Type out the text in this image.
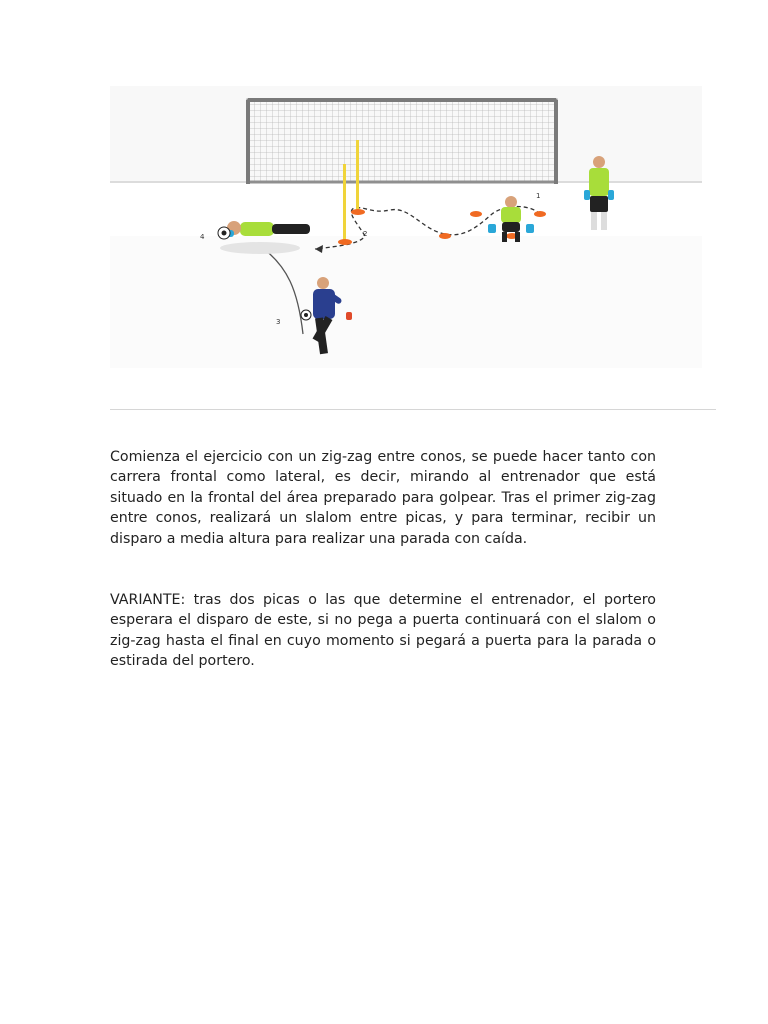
1
2
3
4

Comienza el ejercicio con un zig-zag entre conos, se puede hacer tanto con carrera frontal como lateral, es decir, mirando al entrenador que está situado en la frontal del área preparado para golpear. Tras el primer zig-zag entre conos, realizará un slalom entre picas, y para terminar, recibir un disparo a media altura para realizar una parada con caída.

VARIANTE: tras dos picas o las que determine el entrenador, el portero esperara el disparo de este, si no pega a puerta continuará con el slalom o zig-zag hasta el final en cuyo momento si pegará a puerta para la parada o estirada del portero.
